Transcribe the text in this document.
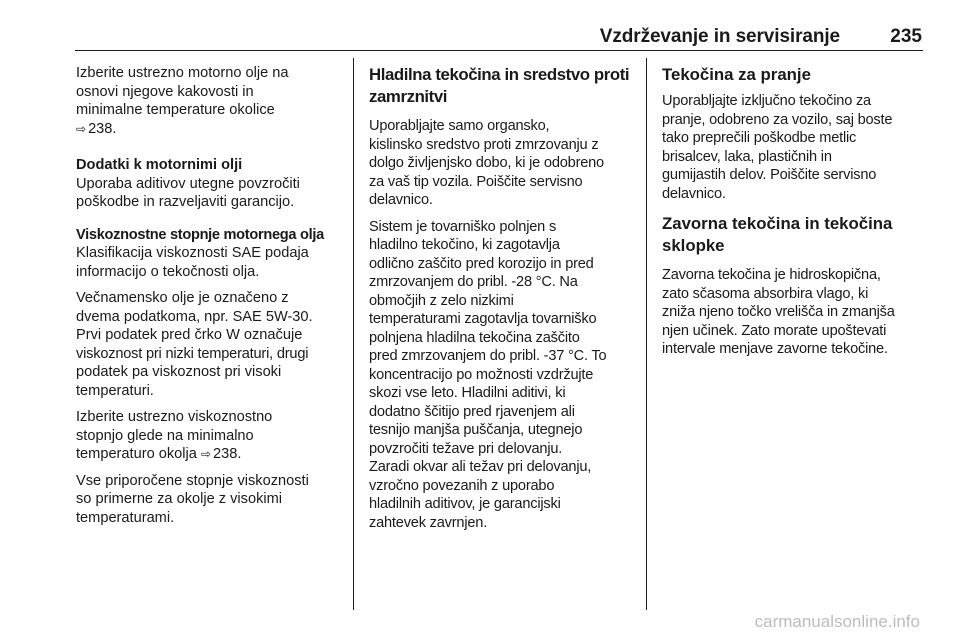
Vzdrževanje in servisiranje	235

Izberite ustrezno motorno olje na
osnovi njegove kakovosti in
minimalne temperature okolice
⇨ 238.

Dodatki k motornimi olji

Uporaba aditivov utegne povzročiti
poškodbe in razveljaviti garancijo.

Viskoznostne stopnje motornega olja

Klasifikacija viskoznosti SAE podaja
informacijo o tekočnosti olja.

Večnamensko olje je označeno z
dvema podatkoma, npr. SAE 5W-30.
Prvi podatek pred črko W označuje
viskoznost pri nizki temperaturi, drugi
podatek pa viskoznost pri visoki
temperaturi.

Izberite ustrezno viskoznostno
stopnjo glede na minimalno
temperaturo okolja ⇨ 238.

Vse priporočene stopnje viskoznosti
so primerne za okolje z visokimi
temperaturami.

Hladilna tekočina in sredstvo proti
zamrznitvi

Uporabljajte samo organsko,
kislinsko sredstvo proti zmrzovanju z
dolgo življenjsko dobo, ki je odobreno
za vaš tip vozila. Poiščite servisno
delavnico.

Sistem je tovarniško polnjen s
hladilno tekočino, ki zagotavlja
odlično zaščito pred korozijo in pred
zmrzovanjem do pribl. -28 °C. Na
območjih z zelo nizkimi
temperaturami zagotavlja tovarniško
polnjena hladilna tekočina zaščito
pred zmrzovanjem do pribl. -37 °C. To
koncentracijo po možnosti vzdržujte
skozi vse leto. Hladilni aditivi, ki
dodatno ščitijo pred rjavenjem ali
tesnijo manjša puščanja, utegnejo
povzročiti težave pri delovanju.
Zaradi okvar ali težav pri delovanju,
vzročno povezanih z uporabo
hladilnih aditivov, je garancijski
zahtevek zavrnjen.

Tekočina za pranje

Uporabljajte izključno tekočino za
pranje, odobreno za vozilo, saj boste
tako preprečili poškodbe metlic
brisalcev, laka, plastičnih in
gumijastih delov. Poiščite servisno
delavnico.

Zavorna tekočina in tekočina
sklopke

Zavorna tekočina je hidroskopična,
zato sčasoma absorbira vlago, ki
zniža njeno točko vrelišča in zmanjša
njen učinek. Zato morate upoštevati
intervale menjave zavorne tekočine.

carmanualsonline.info
